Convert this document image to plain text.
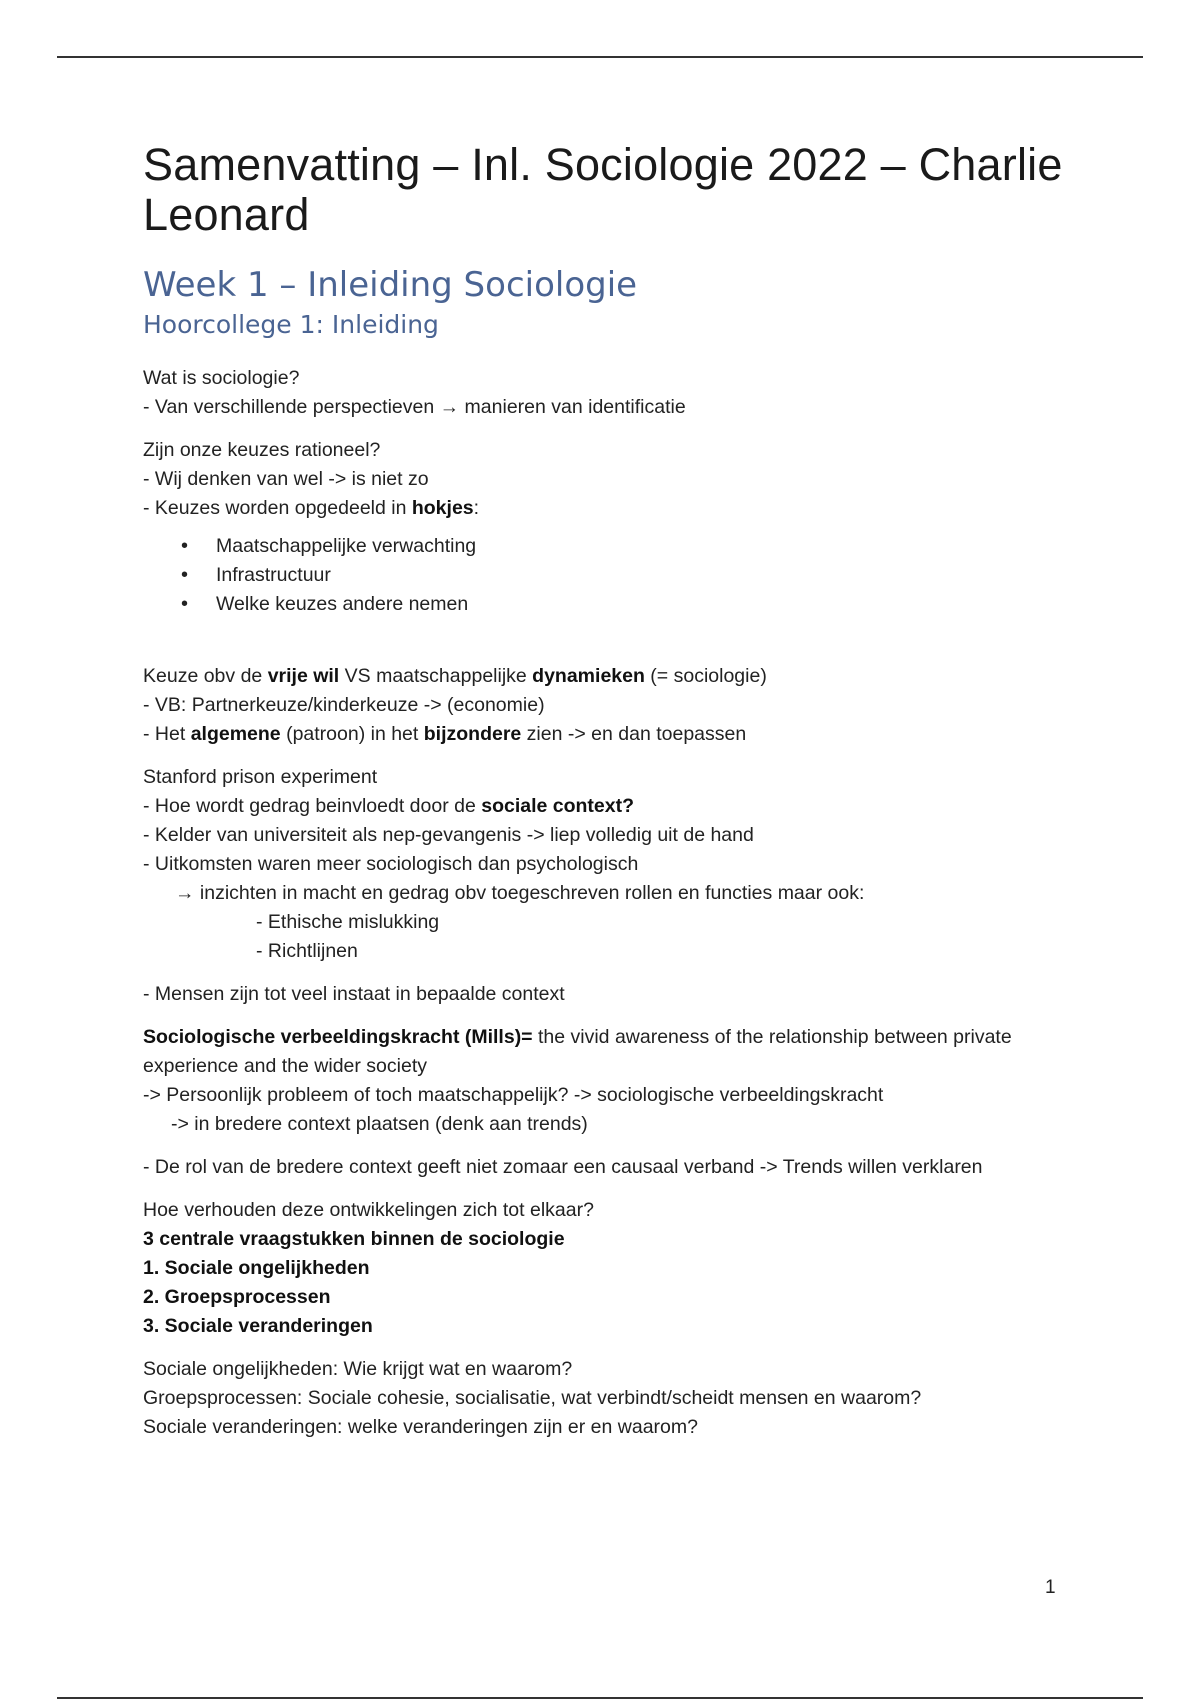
Samenvatting – Inl. Sociologie 2022 – Charlie Leonard
Week 1 – Inleiding Sociologie
Hoorcollege 1: Inleiding

Wat is sociologie?

- Van verschillende perspectieven → manieren van identificatie

Zijn onze keuzes rationeel?

- Wij denken van wel -> is niet zo

- Keuzes worden opgedeeld in hokjes:

• Maatschappelijke verwachting
• Infrastructuur
• Welke keuzes andere nemen

Keuze obv de vrije wil VS maatschappelijke dynamieken (= sociologie)

- VB: Partnerkeuze/kinderkeuze -> (economie)

- Het algemene (patroon) in het bijzondere zien -> en dan toepassen

Stanford prison experiment

- Hoe wordt gedrag beinvloedt door de sociale context?

- Kelder van universiteit als nep-gevangenis -> liep volledig uit de hand

- Uitkomsten waren meer sociologisch dan psychologisch

→ inzichten in macht en gedrag obv toegeschreven rollen en functies maar ook:

- Ethische mislukking

- Richtlijnen

- Mensen zijn tot veel instaat in bepaalde context

Sociologische verbeeldingskracht (Mills)= the vivid awareness of the relationship between private experience and the wider society

-> Persoonlijk probleem of toch maatschappelijk? -> sociologische verbeeldingskracht

-> in bredere context plaatsen (denk aan trends)

- De rol van de bredere context geeft niet zomaar een causaal verband -> Trends willen verklaren

Hoe verhouden deze ontwikkelingen zich tot elkaar?

3 centrale vraagstukken binnen de sociologie

1. Sociale ongelijkheden

2. Groepsprocessen

3. Sociale veranderingen

Sociale ongelijkheden: Wie krijgt wat en waarom?

Groepsprocessen: Sociale cohesie, socialisatie, wat verbindt/scheidt mensen en waarom?

Sociale veranderingen: welke veranderingen zijn er en waarom?

1
